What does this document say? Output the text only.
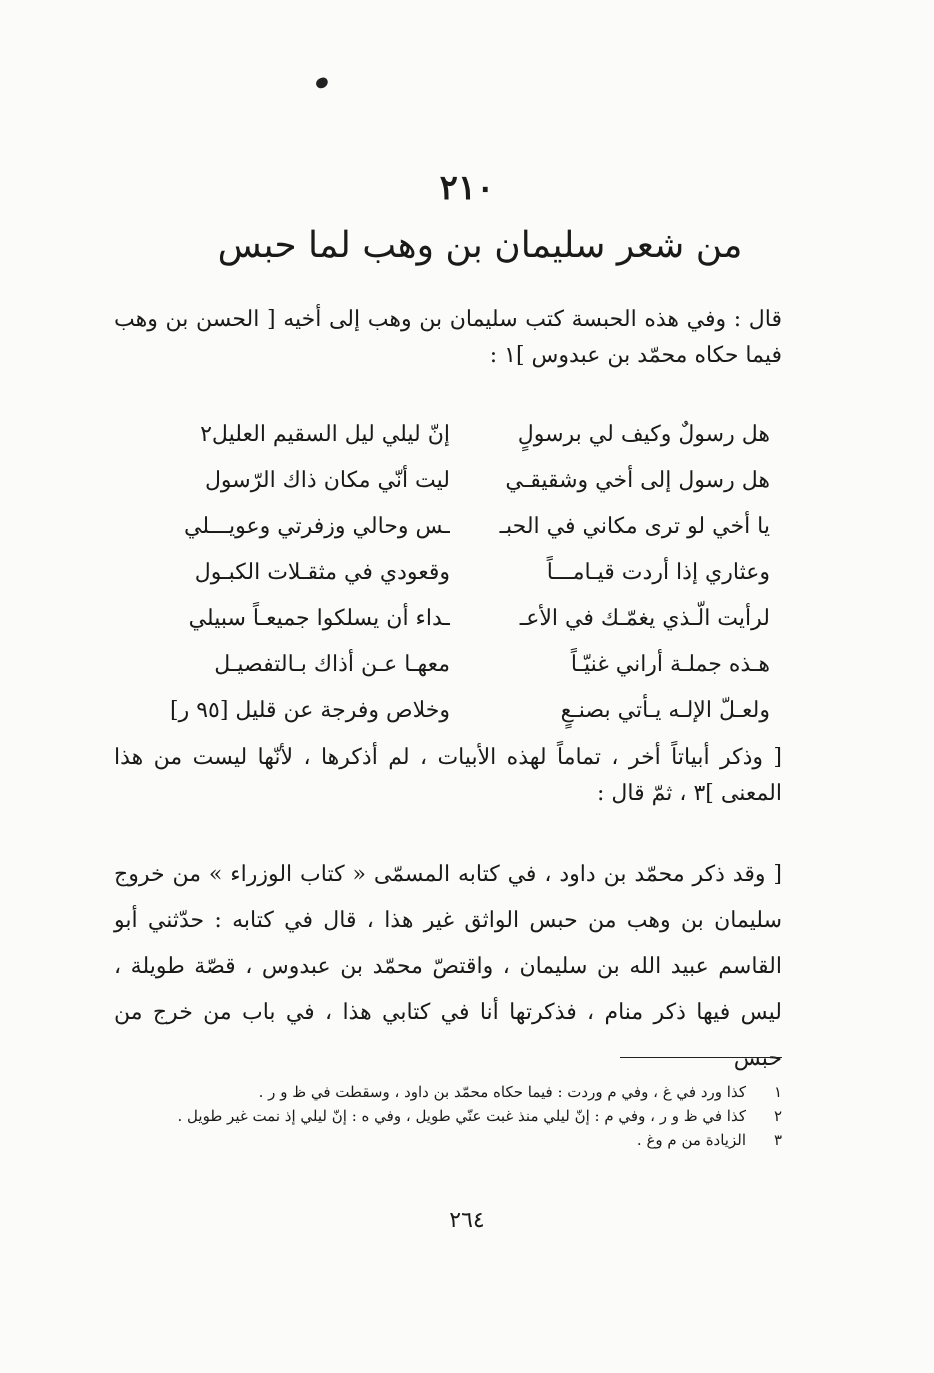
٢١٠
من شعر سليمان بن وهب لما حبس
قال : وفي هذه الحبسة كتب سليمان بن وهب إلى أخيه [ الحسن بن وهب فيما حكاه محمّد بن عبدوس ]١ :
هل رسولٌ وكيف لي برسولٍ
إنّ ليلي ليل السقيم العليل٢
هل رسول إلى أخي وشقيقـي
ليت أنّي مكان ذاك الرّسول
يا أخي لو ترى مكاني في الحبـ
ـس وحالي وزفرتي وعويـــلي
وعثاري إذا أردت قيـامـــاً
وقعودي في مثقـلات الكبـول
لرأيت الّـذي يغمّـك في الأعـ
ـداء أن يسلكوا جميعـاً سبيلي
هـذه جملـة أراني غنيّـاً
معهـا عـن أذاك بـالتفصيـل
ولعـلّ الإلـه يـأتي بصنـعٍ
وخلاص وفرجة عن قليل [٩٥ ر]
[ وذكر أبياتاً أخر ، تماماً لهذه الأبيات ، لم أذكرها ، لأنّها ليست من هذا المعنى ]٣ ، ثمّ قال :
[ وقد ذكر محمّد بن داود ، في كتابه المسمّى « كتاب الوزراء » من خروج سليمان بن وهب من حبس الواثق غير هذا ، قال في كتابه : حدّثني أبو القاسم عبيد الله بن سليمان ، واقتصّ محمّد بن عبدوس ، قصّة طويلة ، ليس فيها ذكر منام ، فذكرتها أنا في كتابي هذا ، في باب من خرج من حبس
١
كذا ورد في غ ، وفي م وردت : فيما حكاه محمّد بن داود ، وسقطت في ظ و ر .
٢
كذا في ظ و ر ، وفي م : إنّ ليلي منذ غبت عنّي طويل ، وفي ه : إنّ ليلي إذ نمت غير طويل .
٣
الزيادة من م وغ .
٢٦٤
